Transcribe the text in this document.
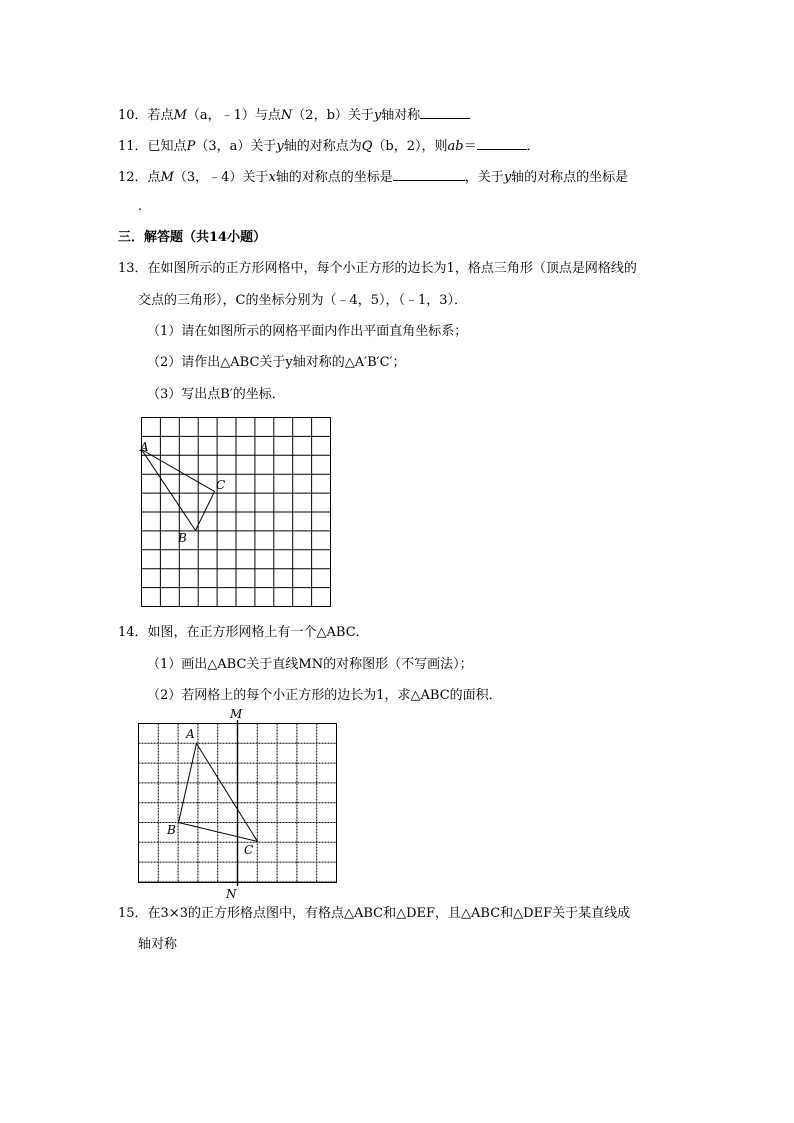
10．若点M（a，﹣1）与点N（2，b）关于y轴对称
11．已知点P（3，a）关于y轴的对称点为Q（b，2），则ab＝	．
12．点M（3，﹣4）关于x轴的对称点的坐标是	，关于y轴的对称点的坐标是
.
三．解答题（共14小题）
13．在如图所示的正方形网格中，每个小正方形的边长为1，格点三角形（顶点是网格线的
交点的三角形），C的坐标分别为（﹣4，5），（﹣1，3）．
（1）请在如图所示的网格平面内作出平面直角坐标系；
（2）请作出△ABC关于y轴对称的△A′B′C′；
（3）写出点B′的坐标．
A
B
C
14．如图，在正方形网格上有一个△ABC．
（1）画出△ABC关于直线MN的对称图形（不写画法）；
（2）若网格上的每个小正方形的边长为1，求△ABC的面积．
A
B
C
M
N
15．在3×3的正方形格点图中，有格点△ABC和△DEF，且△ABC和△DEF关于某直线成
轴对称
